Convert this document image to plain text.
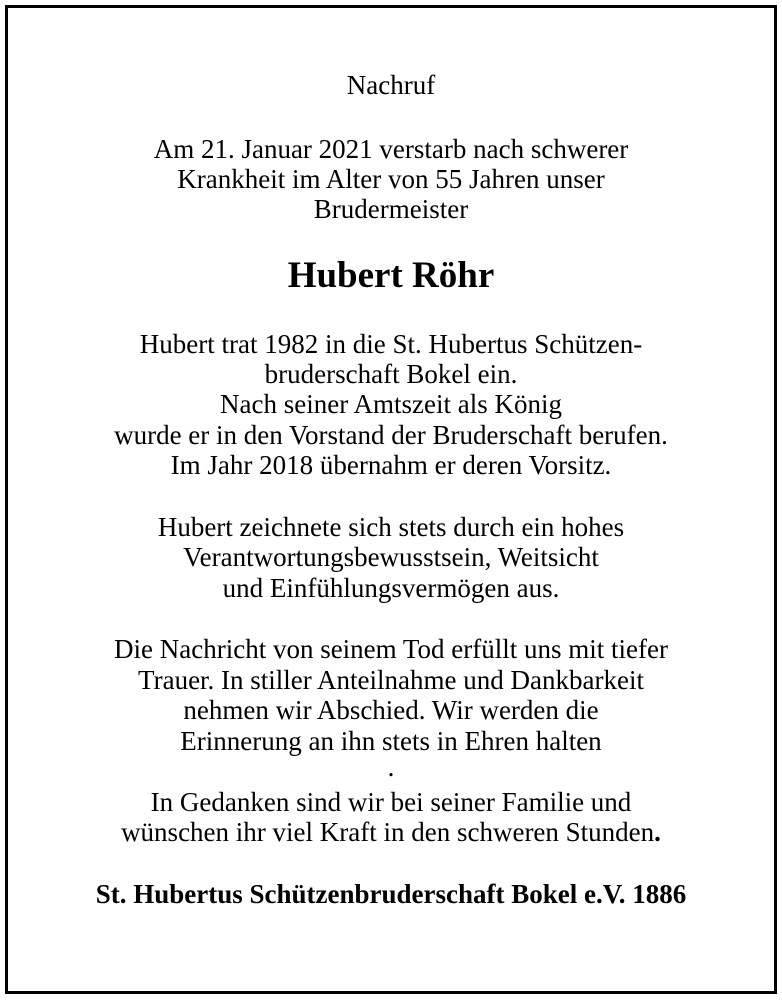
Nachruf
Am 21. Januar 2021 verstarb nach schwerer
Krankheit im Alter von 55 Jahren unser
Brudermeister
Hubert Röhr
Hubert trat 1982 in die St. Hubertus Schützen-
bruderschaft Bokel ein.
Nach seiner Amtszeit als König
wurde er in den Vorstand der Bruderschaft berufen.
Im Jahr 2018 übernahm er deren Vorsitz.
Hubert zeichnete sich stets durch ein hohes
Verantwortungsbewusstsein, Weitsicht
und Einfühlungsvermögen aus.
Die Nachricht von seinem Tod erfüllt uns mit tiefer
Trauer. In stiller Anteilnahme und Dankbarkeit
nehmen wir Abschied. Wir werden die
Erinnerung an ihn stets in Ehren halten
.
In Gedanken sind wir bei seiner Familie und
wünschen ihr viel Kraft in den schweren Stunden.
St. Hubertus Schützenbruderschaft Bokel e.V. 1886
